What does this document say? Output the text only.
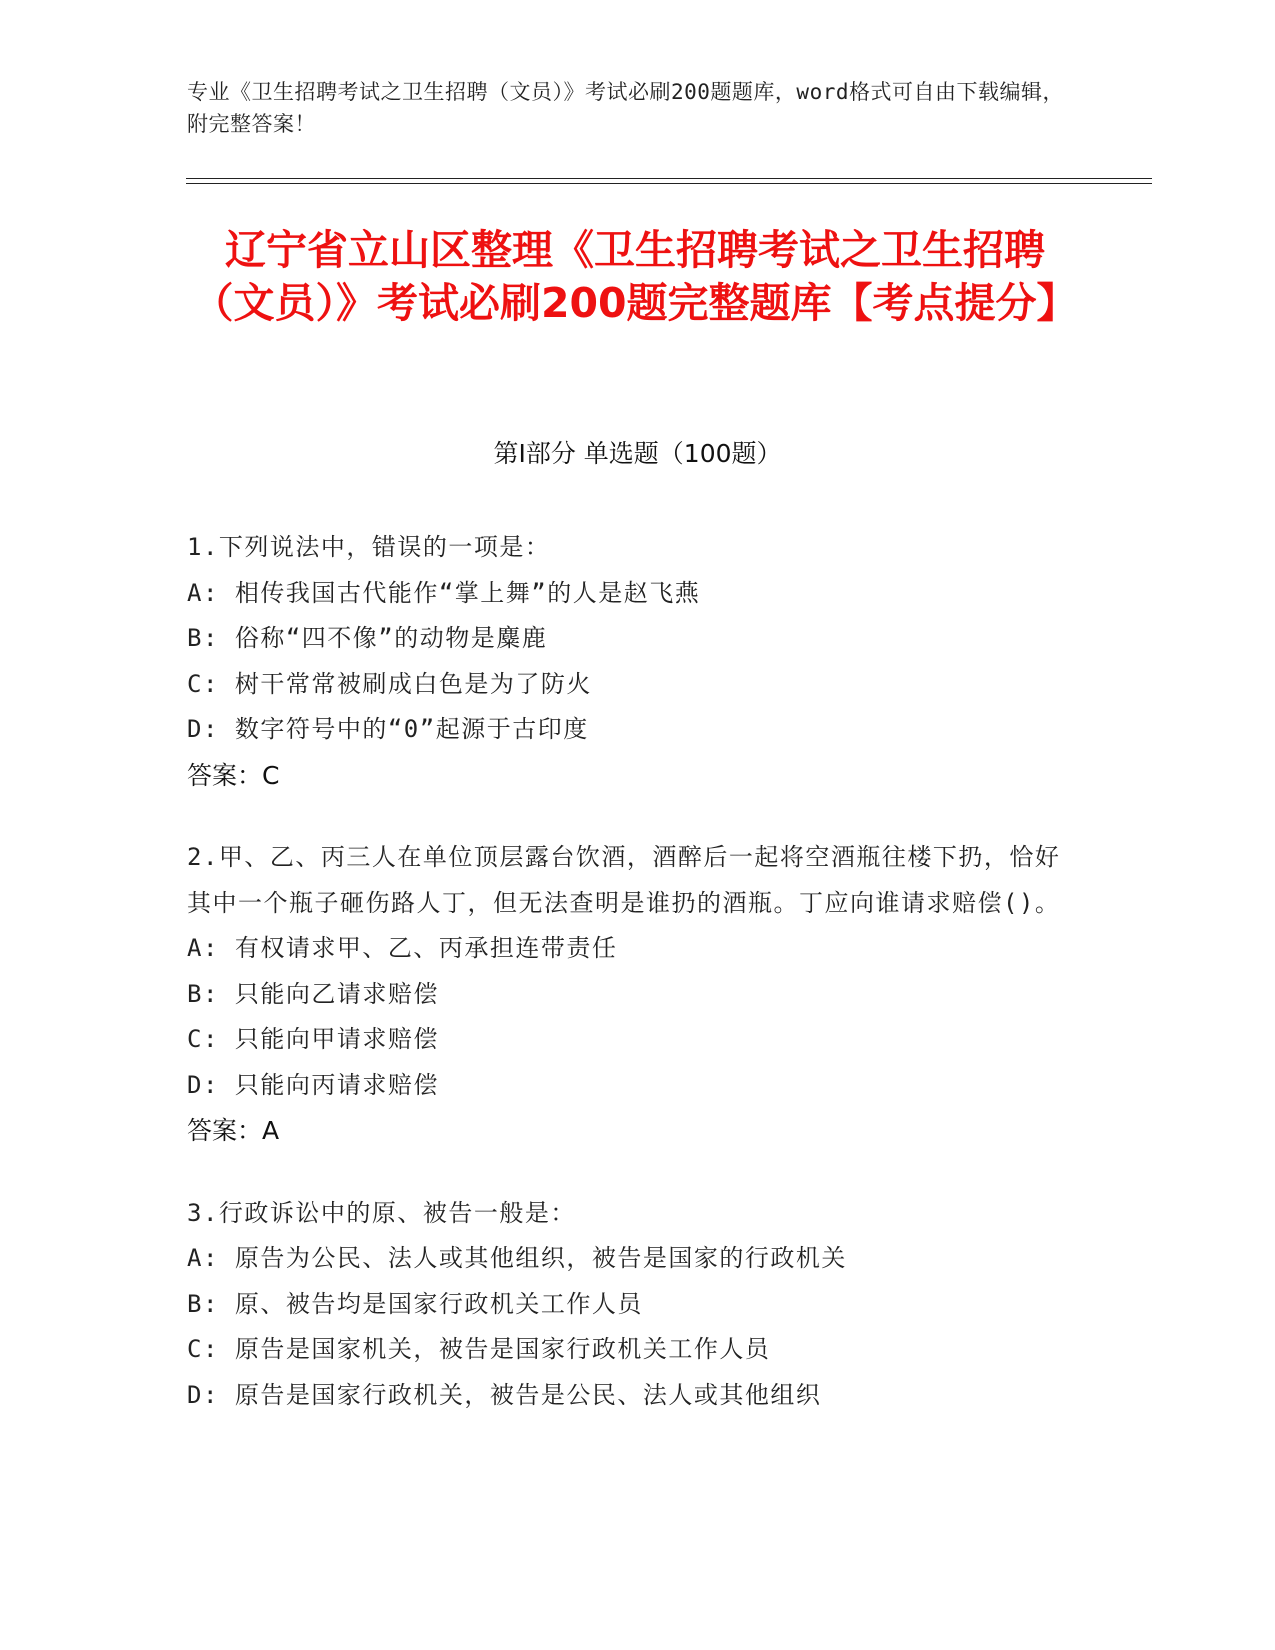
专业《卫生招聘考试之卫生招聘（文员）》考试必刷200题题库，word格式可自由下载编辑，附完整答案！
辽宁省立山区整理《卫生招聘考试之卫生招聘（文员）》考试必刷200题完整题库【考点提分】
第I部分 单选题（100题）
1.下列说法中，错误的一项是：
A: 相传我国古代能作“掌上舞”的人是赵飞燕
B: 俗称“四不像”的动物是麋鹿
C: 树干常常被刷成白色是为了防火
D: 数字符号中的“0”起源于古印度
答案：C
2.甲、乙、丙三人在单位顶层露台饮酒，酒醉后一起将空酒瓶往楼下扔，恰好其中一个瓶子砸伤路人丁，但无法查明是谁扔的酒瓶。丁应向谁请求赔偿()。
A: 有权请求甲、乙、丙承担连带责任
B: 只能向乙请求赔偿
C: 只能向甲请求赔偿
D: 只能向丙请求赔偿
答案：A
3.行政诉讼中的原、被告一般是：
A: 原告为公民、法人或其他组织，被告是国家的行政机关
B: 原、被告均是国家行政机关工作人员
C: 原告是国家机关，被告是国家行政机关工作人员
D: 原告是国家行政机关，被告是公民、法人或其他组织
